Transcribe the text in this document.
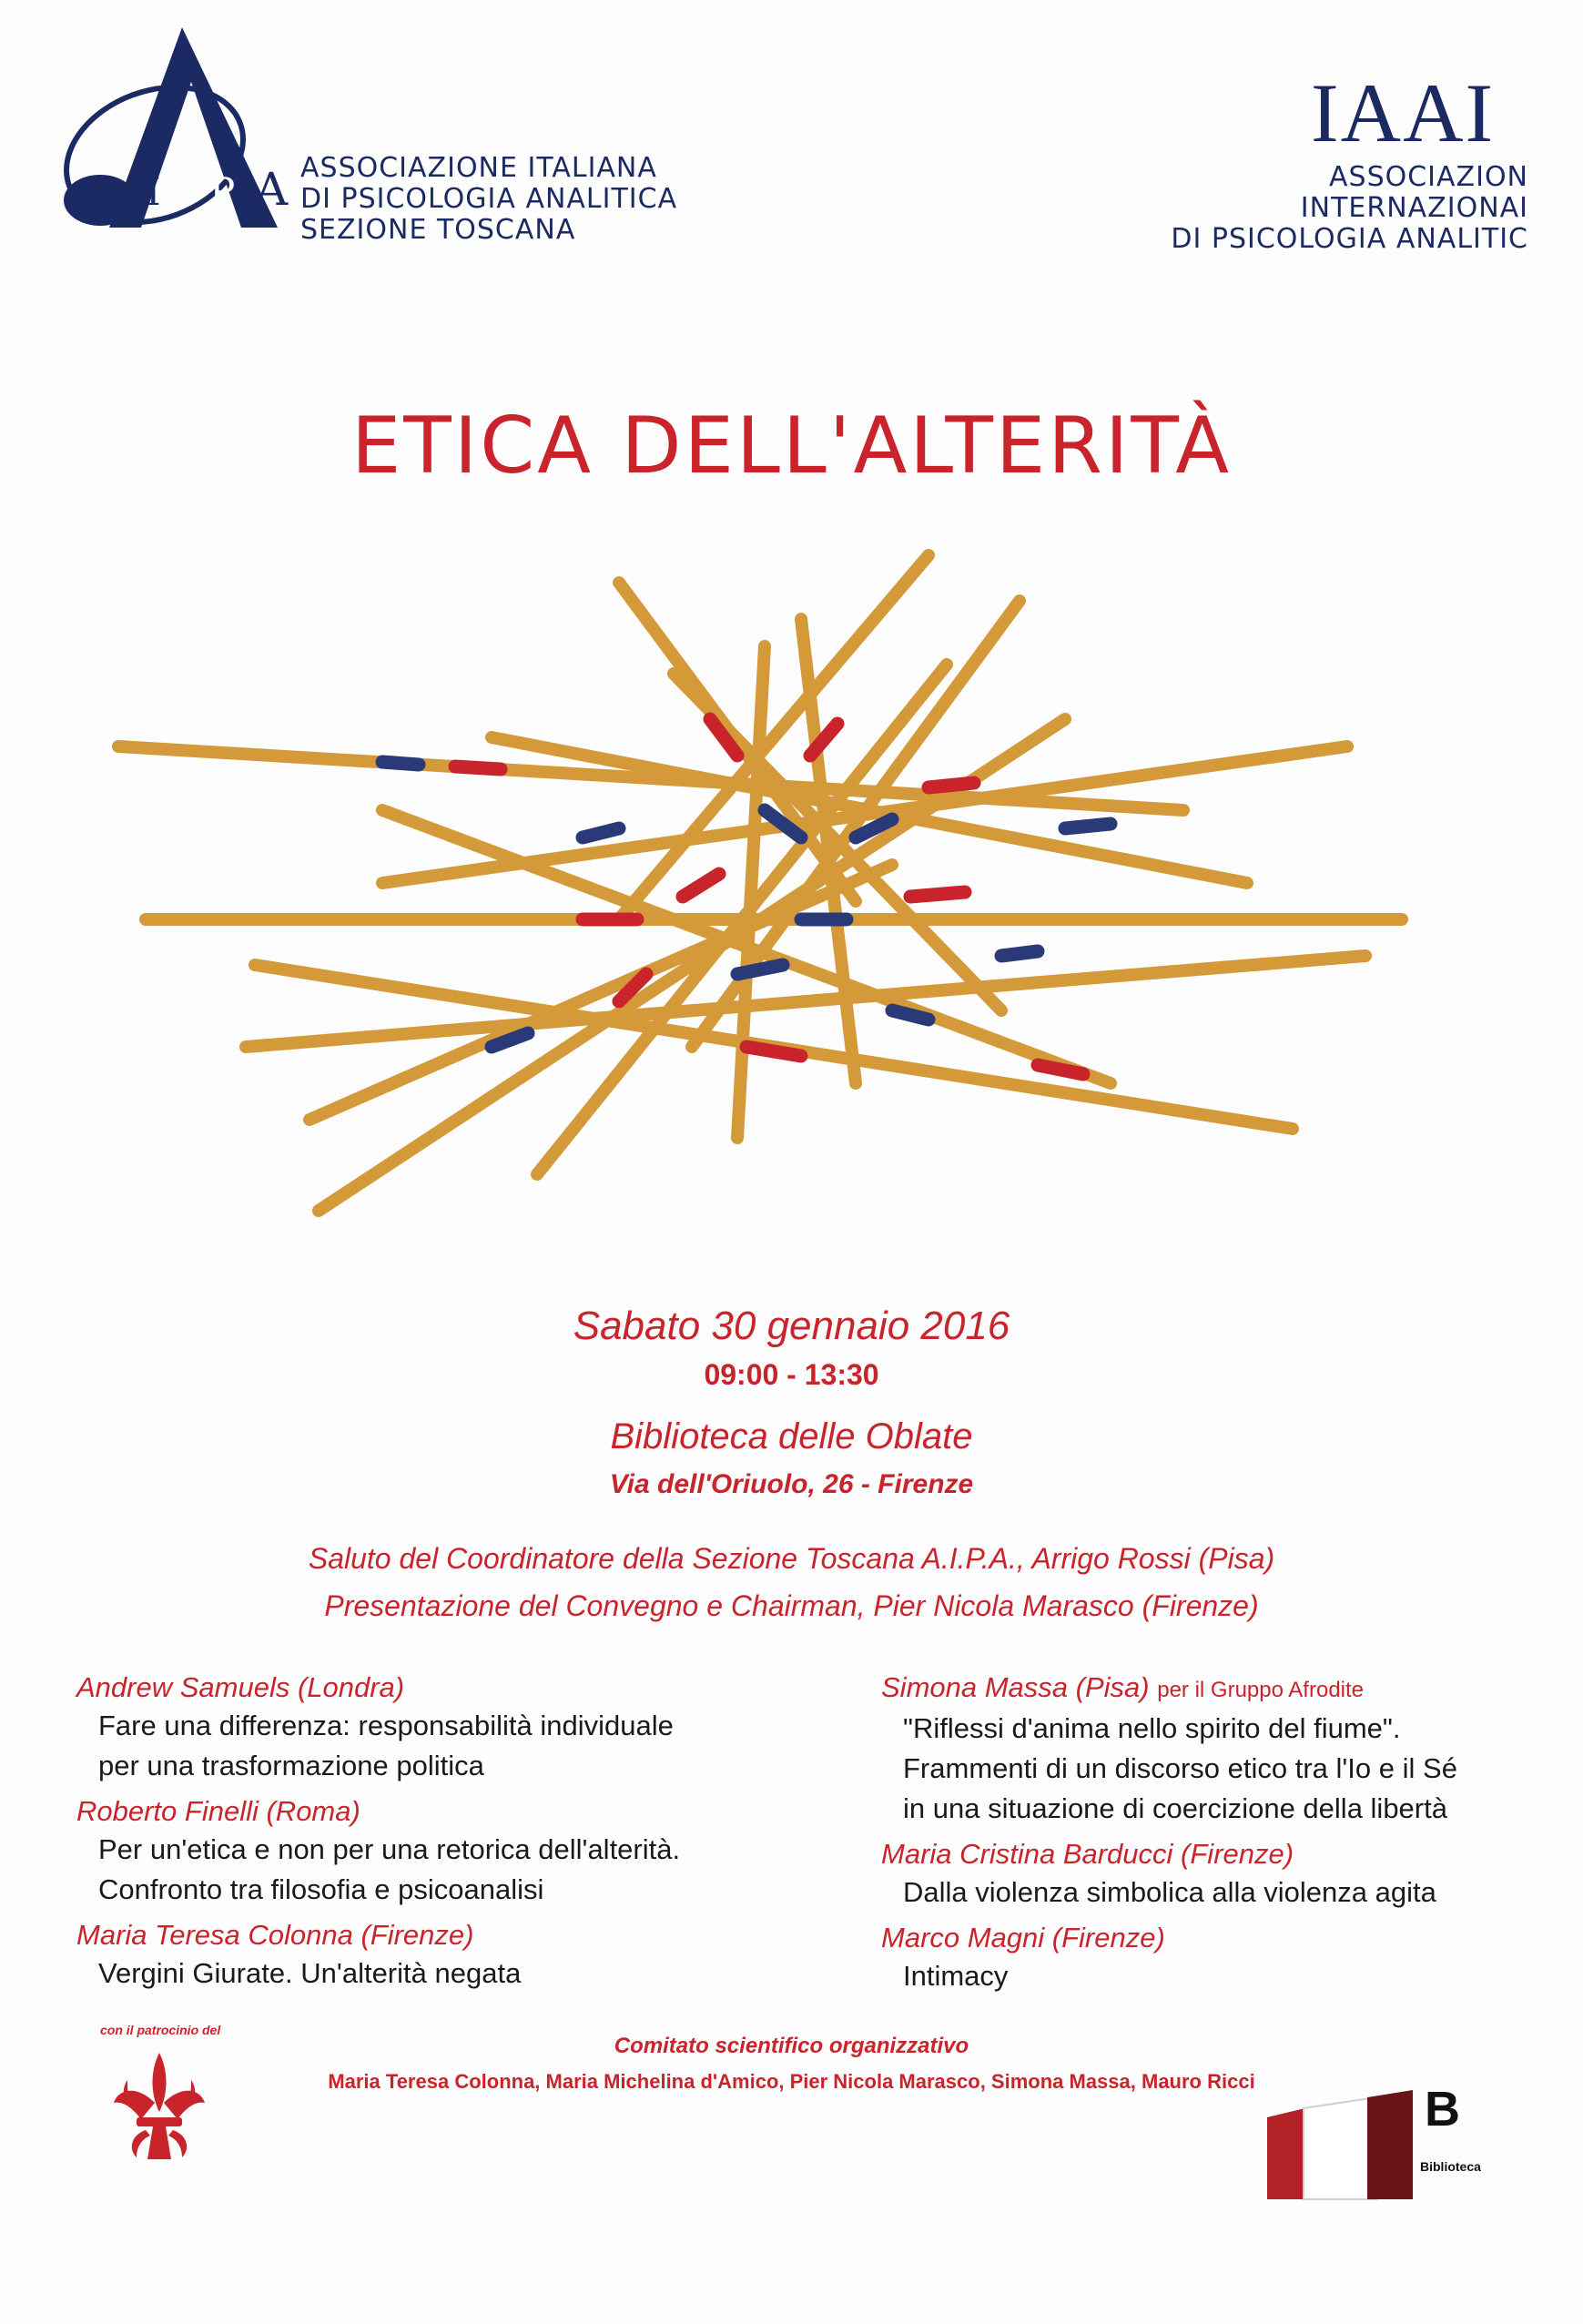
I P A
A
ASSOCIAZIONE ITALIANA
DI PSICOLOGIA ANALITICA
SEZIONE TOSCANA
IAAI
ASSOCIAZION
INTERNAZIONAI
DI PSICOLOGIA ANALITIC
ETICA DELL'ALTERITÀ
Sabato 30 gennaio 2016
09:00 - 13:30
Biblioteca delle Oblate
Via dell'Oriuolo, 26 - Firenze
Saluto del Coordinatore della Sezione Toscana A.I.P.A., Arrigo Rossi (Pisa)
Presentazione del Convegno e Chairman, Pier Nicola Marasco (Firenze)
Andrew Samuels (Londra)
Fare una differenza: responsabilità individuale
per una trasformazione politica
Roberto Finelli (Roma)
Per un'etica e non per una retorica dell'alterità.
Confronto tra filosofia e psicoanalisi
Maria Teresa Colonna (Firenze)
Vergini Giurate. Un'alterità negata
Simona Massa (Pisa) per il Gruppo Afrodite
"Riflessi d'anima nello spirito del fiume".
Frammenti di un discorso etico tra l'Io e il Sé
in una situazione di coercizione della libertà
Maria Cristina Barducci (Firenze)
Dalla violenza simbolica alla violenza agita
Marco Magni (Firenze)
Intimacy
Comitato scientifico organizzativo
Maria Teresa Colonna, Maria Michelina d'Amico, Pier Nicola Marasco, Simona Massa, Mauro Ricci
con il patrocinio del
B
Biblioteca
